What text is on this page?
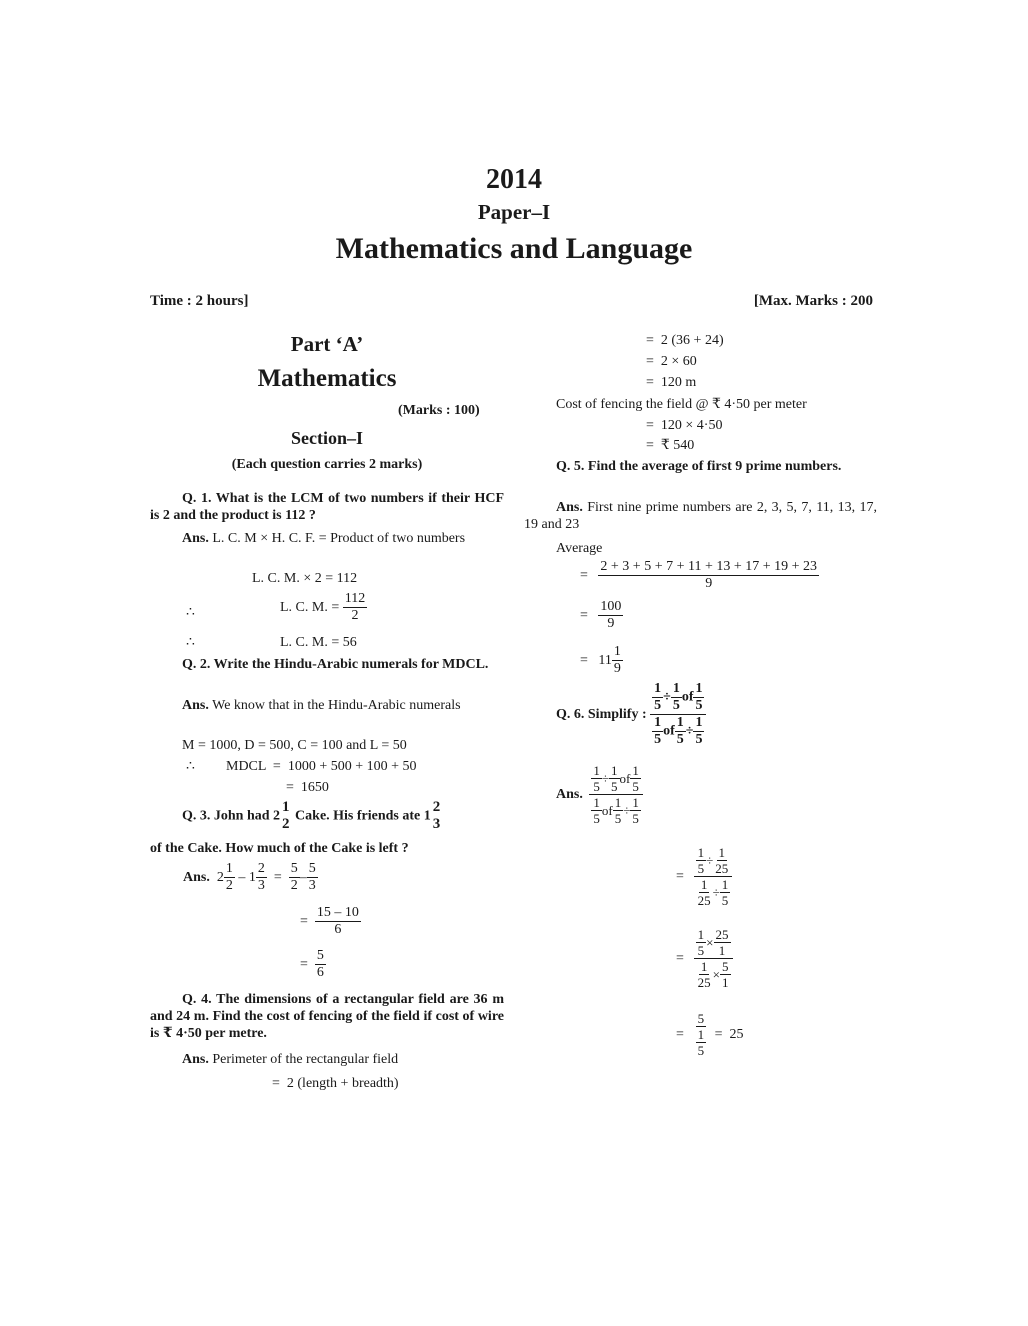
2014
Paper–I
Mathematics and Language
Time : 2 hours]	[Max. Marks : 200
Part ‘A’
Mathematics
(Marks : 100)
Section–I
(Each question carries 2 marks)
Q. 1. What is the LCM of two numbers if their HCF is 2 and the product is 112 ?
Ans. L. C. M × H. C. F. = Product of two numbers
L. C. M. × 2 = 112
∴	L. C. M. = $\frac{112}{2}$
∴	L. C. M. = 56
Q. 2. Write the Hindu-Arabic numerals for MDCL.
Ans. We know that in the Hindu-Arabic numerals
M = 1000, D = 500, C = 100 and L = 50
∴ MDCL  =  1000 + 500 + 100 + 50
=  1650
Q. 3. John had 2
1
2 Cake. His friends ate 1
2
3
of the Cake. How much of the Cake is left ?
Ans. $2 \frac{1}{2} - 1 \frac{2}{3} = \frac{5}{2} - \frac{5}{3}$
= $\frac{15 - 10}{6}$
= $\frac{5}{6}$
Q. 4. The dimensions of a rectangular field are 36 m and 24 m. Find the cost of fencing of the field if cost of wire is ₹ 4·50 per metre.
Ans. Perimeter of the rectangular field
=  2 (length + breadth)
=  2 (36 + 24)
=  2 × 60
=  120 m
Cost of fencing the field @ ₹ 4·50 per meter
=  120 × 4·50
=  ₹ 540
Q. 5. Find the average of first 9 prime numbers.
Ans. First nine prime numbers are 2, 3, 5, 7, 11, 13, 17, 19 and 23
Average
= $\frac{2 + 3 + 5 + 7 + 11 + 13 + 17 + 19 + 23}{9}$
= $\frac{100}{9}$
= $11 \frac{1}{9}$
Q. 6. Simplify : $\frac{\frac{1}{5} \div \frac{1}{5} of \frac{1}{5}}{\frac{1}{5} of \frac{1}{5} \div \frac{1}{5}}$
Ans. $\frac{\frac{1}{5} \div \frac{1}{5} of \frac{1}{5}}{\frac{1}{5} of \frac{1}{5} \div \frac{1}{5}}$
= $\frac{\frac{1}{5} \div \frac{1}{25}}{\frac{1}{25} \div \frac{1}{5}}$
= $\frac{\frac{1}{5} \times \frac{25}{1}}{\frac{1}{25} \times \frac{5}{1}}$
= $\frac{5}{\frac{1}{5}} = 25$
